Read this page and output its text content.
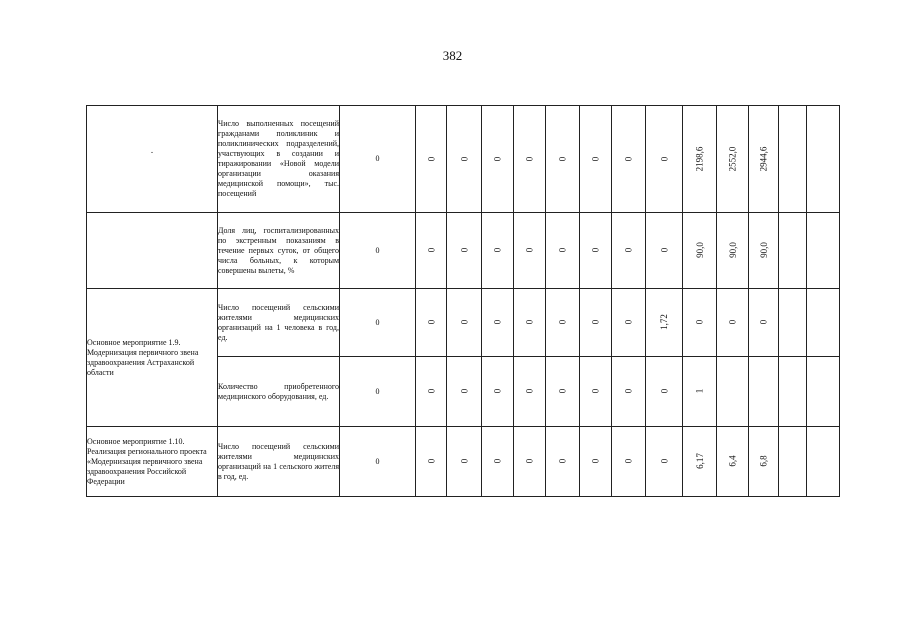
382
.	Число выполненных посещений гражданами поликлиник и поликлинических подразделений, участвующих в создании и тиражировании «Новой модели организации оказания медицинской помощи», тыс. посещений	0	0	0	0	0	0	0	0	0	2198,6	2552,0	2944,6		
	Доля лиц, госпитализированных по экстренным показаниям в течение первых суток, от общего числа больных, к которым совершены вылеты, %	0	0	0	0	0	0	0	0	0	90,0	90,0	90,0		
Основное мероприятие 1.9. Модернизация первичного звена здравоохранения Астраханской области	Число посещений сельскими жителями медицинских организаций на 1 человека в год, ед.	0	0	0	0	0	0	0	0	1,72	0	0	0		
	Количество приобретенного медицинского оборудования, ед.	0	0	0	0	0	0	0	0	0	1				
Основное мероприятие 1.10. Реализация регионального проекта «Модернизация первичного звена здравоохранения Российской Федерации	Число посещений сельскими жителями медицинских организаций на 1 сельского жителя в год, ед.	0	0	0	0	0	0	0	0	0	6,17	6,4	6,8		
